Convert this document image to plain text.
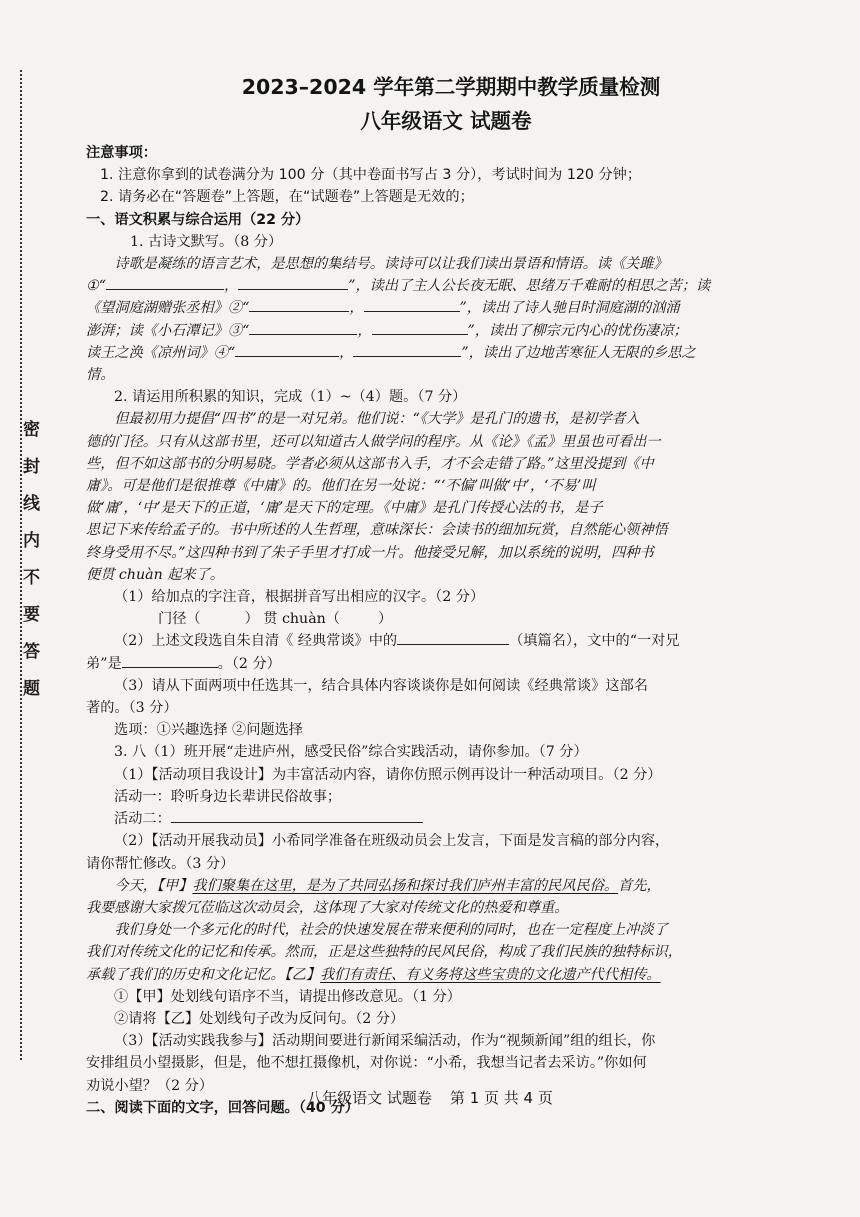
密封线内不要答题
2023–2024 学年第二学期期中教学质量检测
八年级语文 试题卷

注意事项：

1. 注意你拿到的试卷满分为 100 分（其中卷面书写占 3 分），考试时间为 120 分钟；

2. 请务必在“答题卷”上答题，在“试题卷”上答题是无效的；

一、语文积累与综合运用（22 分）

1. 古诗文默写。（8 分）

诗歌是凝练的语言艺术，是思想的集结号。读诗可以让我们读出景语和情语。读《关雎》

①“	，	”，读出了主人公长夜无眠、思绪万千难耐的相思之苦；读

《望洞庭湖赠张丞相》②“	，	”，读出了诗人驰目时洞庭湖的汹涌

澎湃；读《小石潭记》③“	，	”，读出了柳宗元内心的忧伤凄凉；

读王之涣《凉州词》④“	，	”，读出了边地苦寒征人无限的乡思之

情。

2. 请运用所积累的知识，完成（1）~（4）题。（7 分）

但最初用力提倡“四书”的是一对兄弟。他们说：“《大学》是孔门的遗书，是初学者入

德的门径。只有从这部书里，还可以知道古人做学问的程序。从《论》《孟》里虽也可看出一

些，但不如这部书的分明易晓。学者必须从这部书入手，才不会走错了路。”这里没提到《中

庸》。可是他们是很推尊《中庸》的。他们在另一处说：“‘不偏’叫做‘中’，‘不易’叫

做‘庸’，‘中’是天下的正道，‘庸’是天下的定理。《中庸》是孔门传授心法的书，是子

思记下来传给孟子的。书中所述的人生哲理，意味深长：会读书的细加玩赏，自然能心领神悟

终身受用不尽。”这四种书到了朱子手里才打成一片。他接受兄解，加以系统的说明，四种书

便贯 chuàn 起来了。

（1）给加点的字注音，根据拼音写出相应的汉字。（2 分）

门径（	） 贯 chuàn（	）

（2）上述文段选自朱自清《 经典常谈》中的	（填篇名），文中的“一对兄

弟”是	。（2 分）

（3）请从下面两项中任选其一，结合具体内容谈谈你是如何阅读《经典常谈》这部名

著的。（3 分）

选项：①兴趣选择 ②问题选择

3. 八（1）班开展“走进庐州，感受民俗”综合实践活动，请你参加。（7 分）

（1）【活动项目我设计】为丰富活动内容，请你仿照示例再设计一种活动项目。（2 分）

活动一：聆听身边长辈讲民俗故事；

活动二：

（2）【活动开展我动员】小希同学准备在班级动员会上发言，下面是发言稿的部分内容，

请你帮忙修改。（3 分）

今天，【甲】我们聚集在这里，是为了共同弘扬和探讨我们庐州丰富的民风民俗。首先，

我要感谢大家拨冗莅临这次动员会，这体现了大家对传统文化的热爱和尊重。

我们身处一个多元化的时代，社会的快速发展在带来便利的同时，也在一定程度上冲淡了

我们对传统文化的记忆和传承。然而，正是这些独特的民风民俗，构成了我们民族的独特标识，

承载了我们的历史和文化记忆。【乙】我们有责任、有义务将这些宝贵的文化遗产代代相传。

①【甲】处划线句语序不当，请提出修改意见。（1 分）

②请将【乙】处划线句子改为反问句。（2 分）

（3）【活动实践我参与】活动期间要进行新闻采编活动，作为“视频新闻”组的组长，你

安排组员小望摄影，但是，他不想扛摄像机，对你说：“小希，我想当记者去采访。”你如何

劝说小望？（2 分）

二、阅读下面的文字，回答问题。（40 分）

八年级语文 试题卷 第 1 页 共 4 页
